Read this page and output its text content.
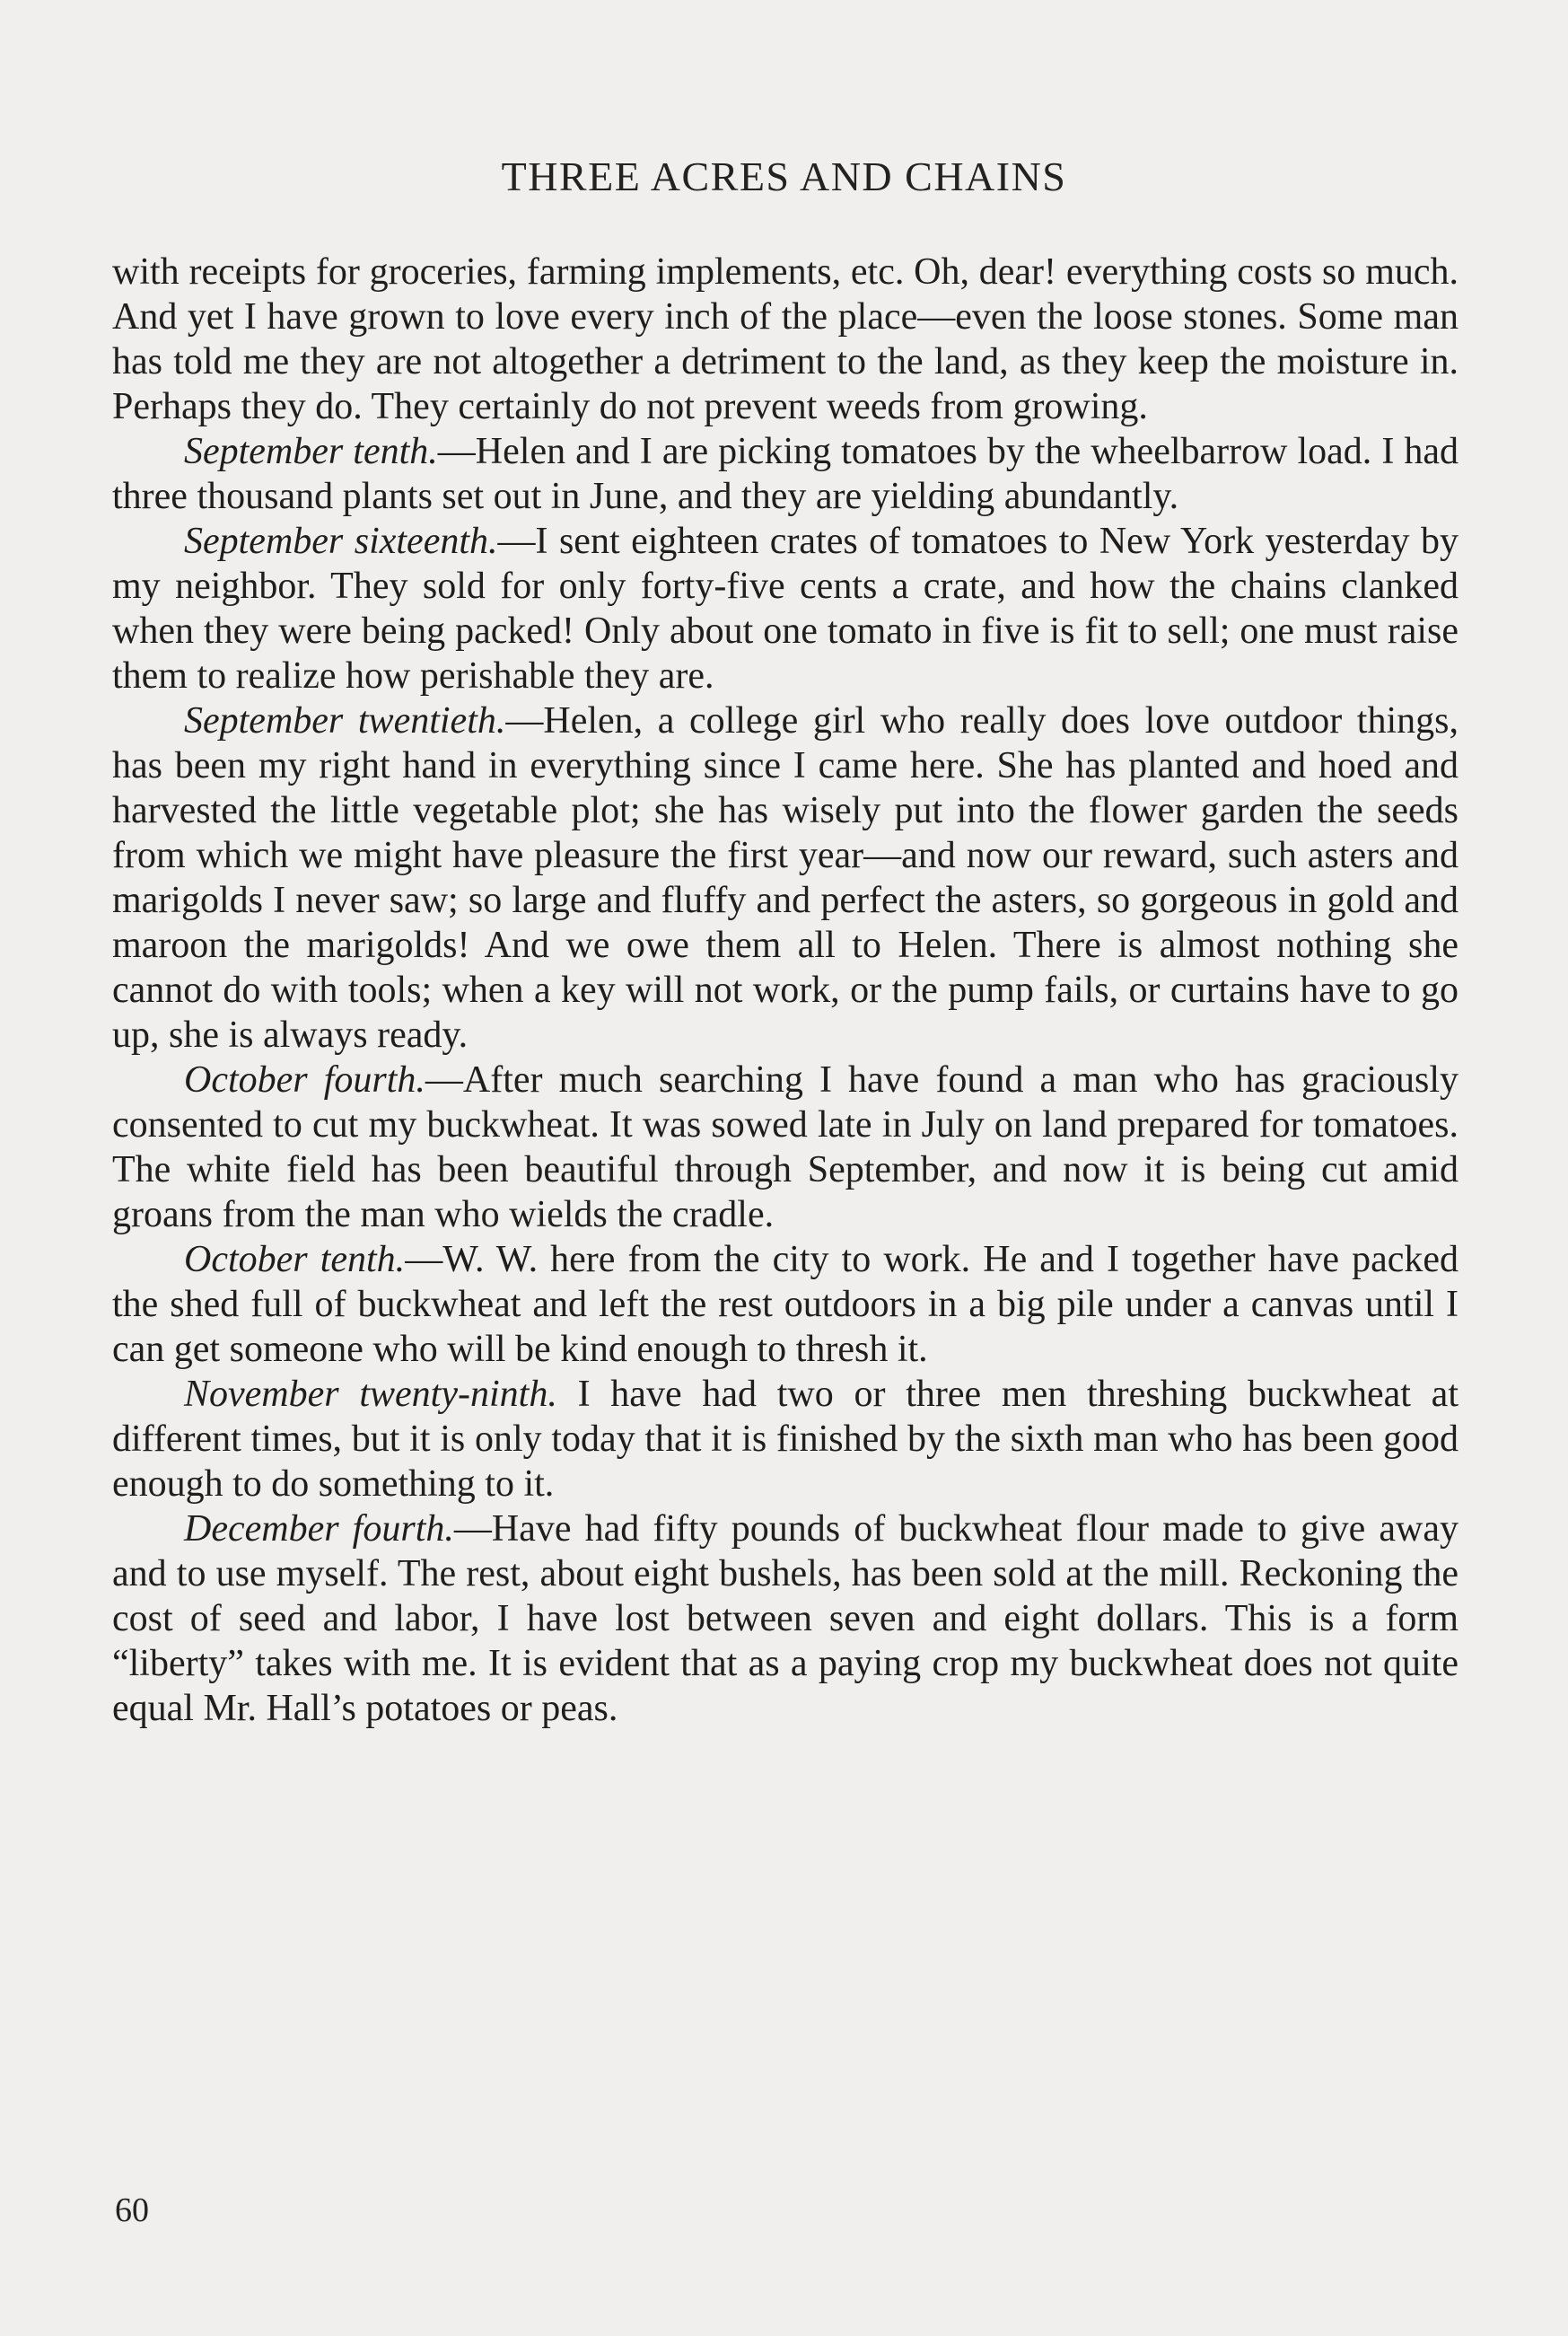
THREE ACRES AND CHAINS

with receipts for groceries, farming implements, etc. Oh, dear! everything costs so much. And yet I have grown to love every inch of the place—even the loose stones. Some man has told me they are not altogether a detriment to the land, as they keep the moisture in. Perhaps they do. They certainly do not prevent weeds from growing.

September tenth.—Helen and I are picking tomatoes by the wheelbarrow load. I had three thousand plants set out in June, and they are yielding abundantly.

September sixteenth.—I sent eighteen crates of tomatoes to New York yesterday by my neighbor. They sold for only forty-five cents a crate, and how the chains clanked when they were being packed! Only about one tomato in five is fit to sell; one must raise them to realize how perishable they are.

September twentieth.—Helen, a college girl who really does love outdoor things, has been my right hand in everything since I came here. She has planted and hoed and harvested the little vegetable plot; she has wisely put into the flower garden the seeds from which we might have pleasure the first year—and now our reward, such asters and marigolds I never saw; so large and fluffy and perfect the asters, so gorgeous in gold and maroon the marigolds! And we owe them all to Helen. There is almost nothing she cannot do with tools; when a key will not work, or the pump fails, or curtains have to go up, she is always ready.

October fourth.—After much searching I have found a man who has graciously consented to cut my buckwheat. It was sowed late in July on land prepared for tomatoes. The white field has been beautiful through September, and now it is being cut amid groans from the man who wields the cradle.

October tenth.—W. W. here from the city to work. He and I together have packed the shed full of buckwheat and left the rest outdoors in a big pile under a canvas until I can get someone who will be kind enough to thresh it.

November twenty-ninth. I have had two or three men threshing buckwheat at different times, but it is only today that it is finished by the sixth man who has been good enough to do something to it.

December fourth.—Have had fifty pounds of buckwheat flour made to give away and to use myself. The rest, about eight bushels, has been sold at the mill. Reckoning the cost of seed and labor, I have lost between seven and eight dollars. This is a form “liberty” takes with me. It is evident that as a paying crop my buckwheat does not quite equal Mr. Hall’s potatoes or peas.

60
